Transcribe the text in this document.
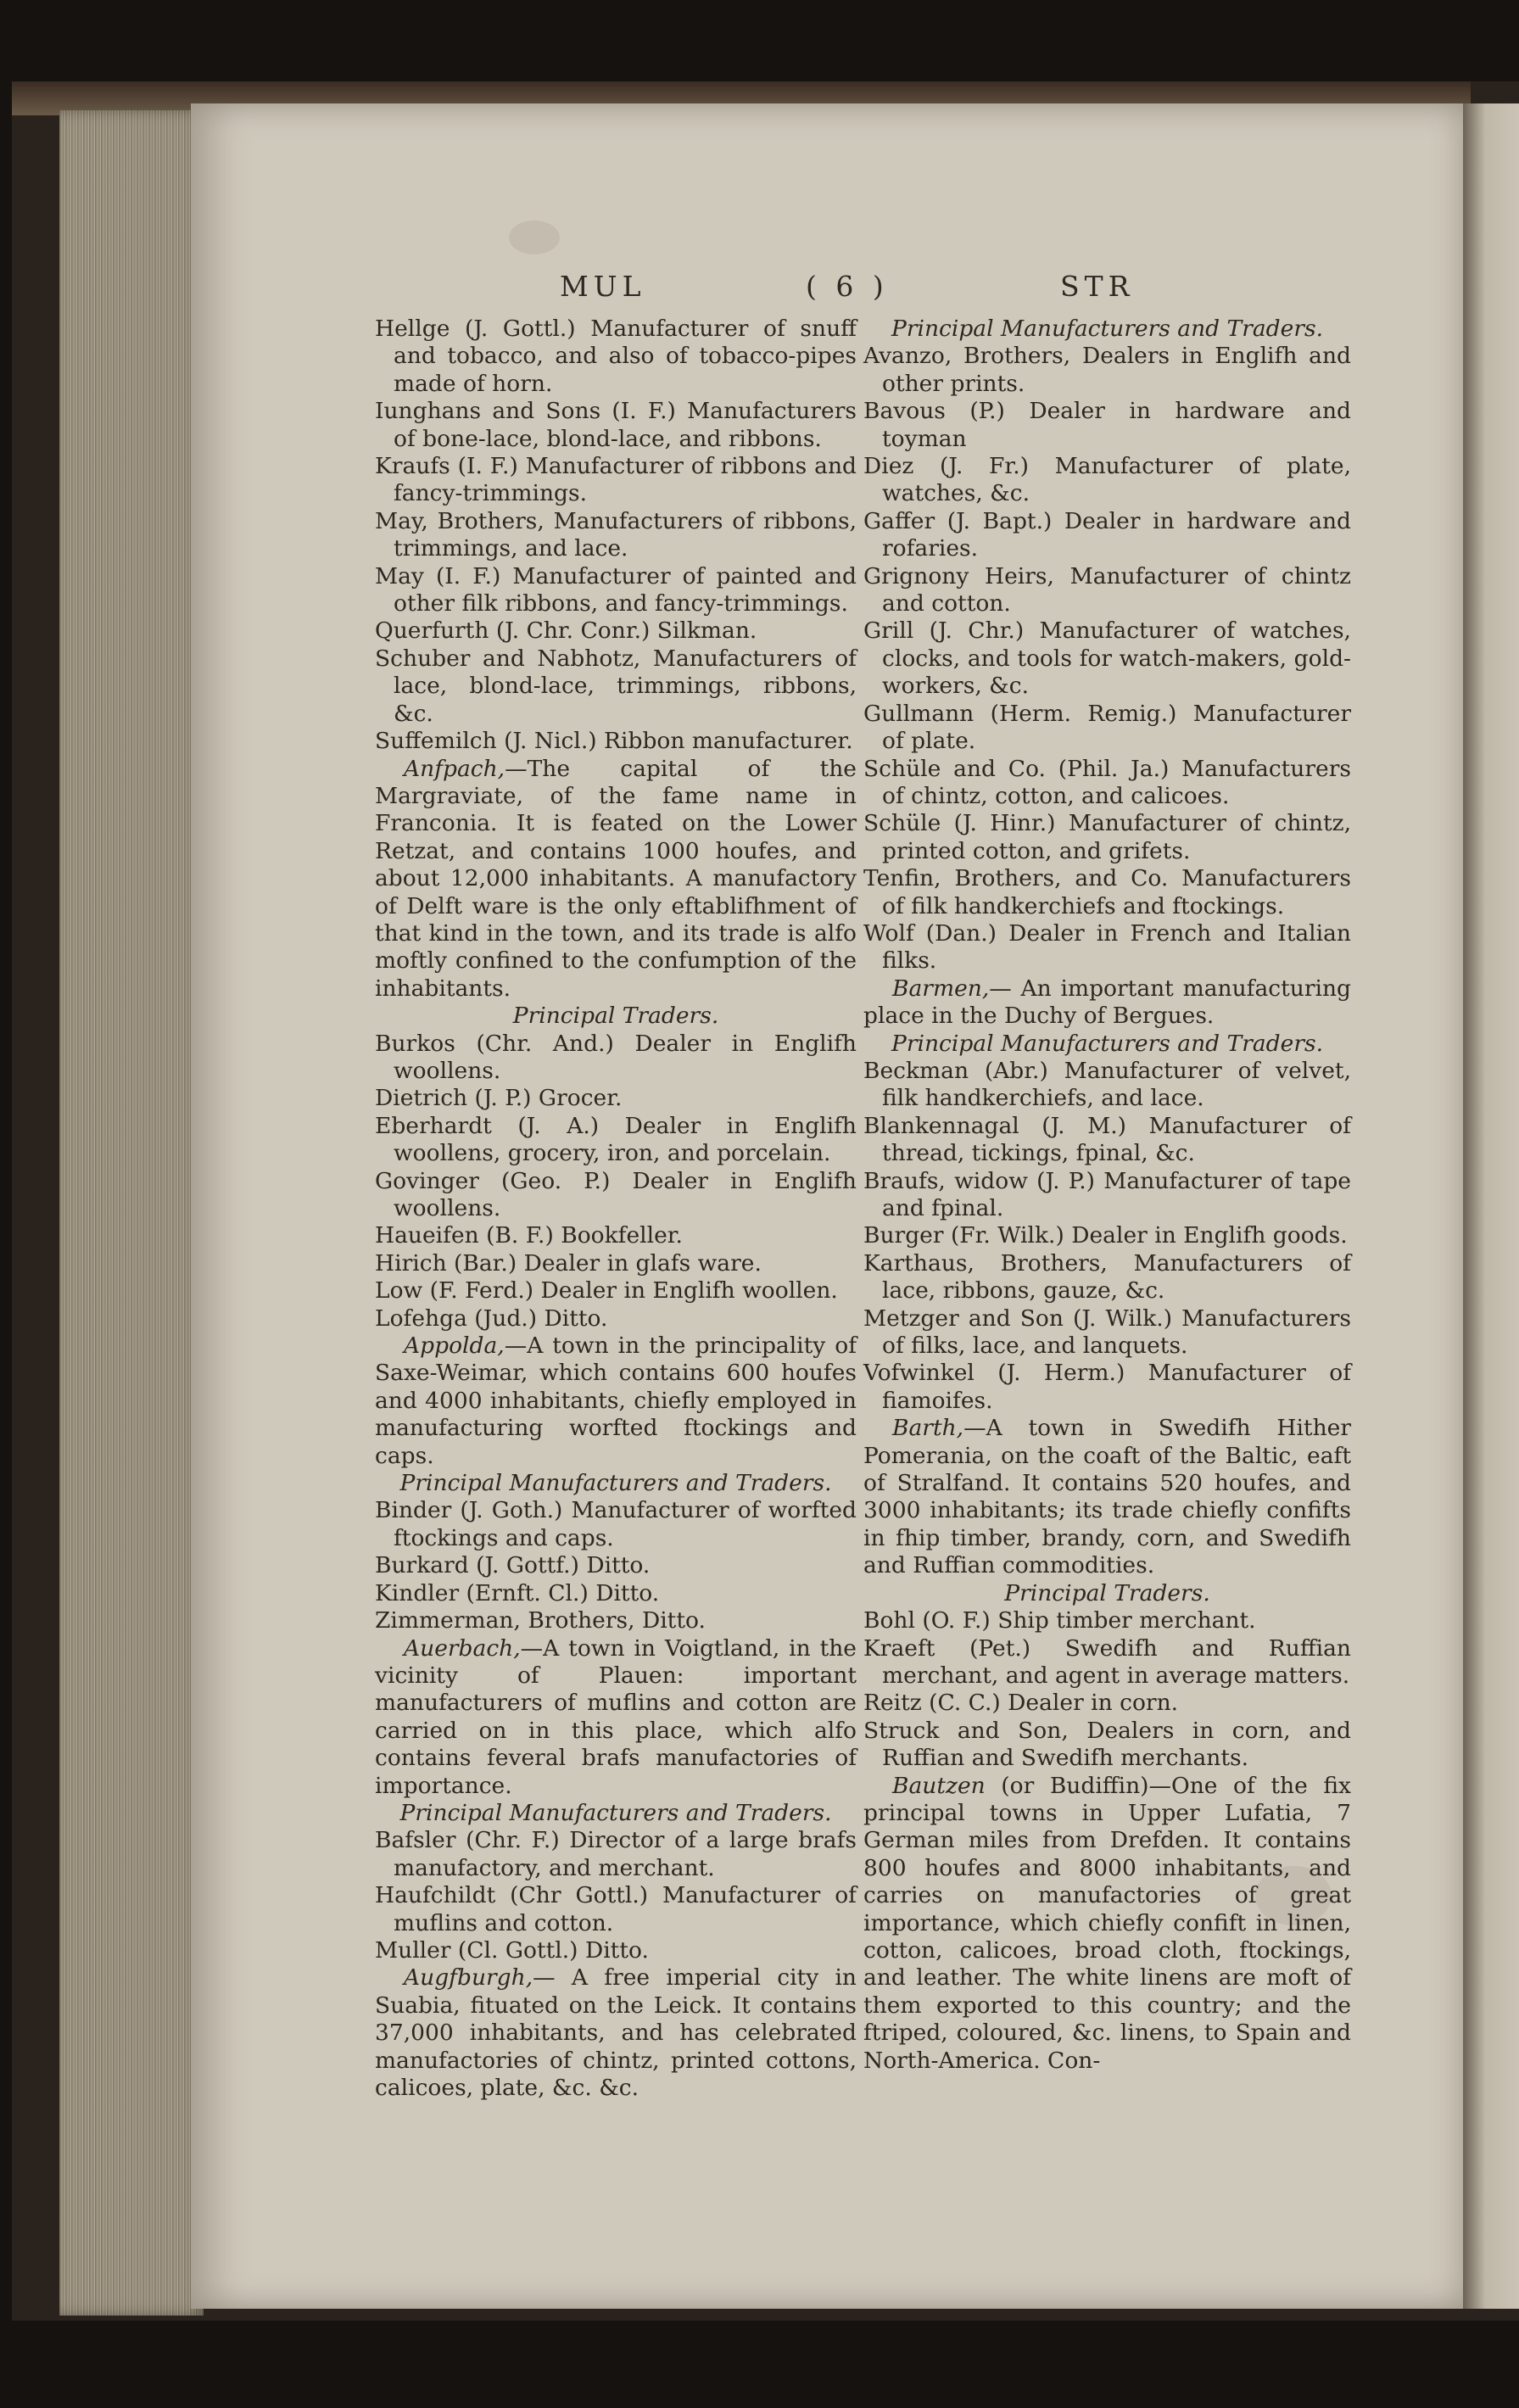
MUL	( 6 )	STR

Hellge (J. Gottl.) Manufacturer of snuff and tobacco, and also of tobacco-pipes made of horn.

Iunghans and Sons (I. F.) Manufacturers of bone-lace, blond-lace, and ribbons.

Kraufs (I. F.) Manufacturer of ribbons and fancy-trimmings.

May, Brothers, Manufacturers of ribbons, trimmings, and lace.

May (I. F.) Manufacturer of painted and other filk ribbons, and fancy-trimmings.

Querfurth (J. Chr. Conr.) Silkman.

Schuber and Nabhotz, Manufacturers of lace, blond-lace, trimmings, ribbons, &c.

Suffemilch (J. Nicl.) Ribbon manufacturer.

Anfpach,—The capital of the Margraviate, of the fame name in Franconia. It is feated on the Lower Retzat, and contains 1000 houfes, and about 12,000 inhabitants. A manufactory of Delft ware is the only eftablifhment of that kind in the town, and its trade is alfo moftly confined to the confumption of the inhabitants.

Principal Traders.

Burkos (Chr. And.) Dealer in Englifh woollens.

Dietrich (J. P.) Grocer.

Eberhardt (J. A.) Dealer in Englifh woollens, grocery, iron, and porcelain.

Govinger (Geo. P.) Dealer in Englifh woollens.

Haueifen (B. F.) Bookfeller.

Hirich (Bar.) Dealer in glafs ware.

Low (F. Ferd.) Dealer in Englifh woollen.

Lofehga (Jud.) Ditto.

Appolda,—A town in the principality of Saxe-Weimar, which contains 600 houfes and 4000 inhabitants, chiefly employed in manufacturing worfted ftockings and caps.

Principal Manufacturers and Traders.

Binder (J. Goth.) Manufacturer of worfted ftockings and caps.

Burkard (J. Gottf.) Ditto.

Kindler (Ernft. Cl.) Ditto.

Zimmerman, Brothers, Ditto.

Auerbach,—A town in Voigtland, in the vicinity of Plauen: important manufacturers of muflins and cotton are carried on in this place, which alfo contains feveral brafs manufactories of importance.

Principal Manufacturers and Traders.

Bafsler (Chr. F.) Director of a large brafs manufactory, and merchant.

Haufchildt (Chr Gottl.) Manufacturer of muflins and cotton.

Muller (Cl. Gottl.) Ditto.

Augfburgh,— A free imperial city in Suabia, fituated on the Leick. It contains 37,000 inhabitants, and has celebrated manufactories of chintz, printed cottons, calicoes, plate, &c. &c.

Principal Manufacturers and Traders.

Avanzo, Brothers, Dealers in Englifh and other prints.

Bavous (P.) Dealer in hardware and toyman

Diez (J. Fr.) Manufacturer of plate, watches, &c.

Gaffer (J. Bapt.) Dealer in hardware and rofaries.

Grignony Heirs, Manufacturer of chintz and cotton.

Grill (J. Chr.) Manufacturer of watches, clocks, and tools for watch-makers, gold-workers, &c.

Gullmann (Herm. Remig.) Manufacturer of plate.

Schüle and Co. (Phil. Ja.) Manufacturers of chintz, cotton, and calicoes.

Schüle (J. Hinr.) Manufacturer of chintz, printed cotton, and grifets.

Tenfin, Brothers, and Co. Manufacturers of filk handkerchiefs and ftockings.

Wolf (Dan.) Dealer in French and Italian filks.

Barmen,— An important manufacturing place in the Duchy of Bergues.

Principal Manufacturers and Traders.

Beckman (Abr.) Manufacturer of velvet, filk handkerchiefs, and lace.

Blankennagal (J. M.) Manufacturer of thread, tickings, fpinal, &c.

Braufs, widow (J. P.) Manufacturer of tape and fpinal.

Burger (Fr. Wilk.) Dealer in Englifh goods.

Karthaus, Brothers, Manufacturers of lace, ribbons, gauze, &c.

Metzger and Son (J. Wilk.) Manufacturers of filks, lace, and lanquets.

Vofwinkel (J. Herm.) Manufacturer of fiamoifes.

Barth,—A town in Swedifh Hither Pomerania, on the coaft of the Baltic, eaft of Stralfand. It contains 520 houfes, and 3000 inhabitants; its trade chiefly confifts in fhip timber, brandy, corn, and Swedifh and Ruffian commodities.

Principal Traders.

Bohl (O. F.) Ship timber merchant.

Kraeft (Pet.) Swedifh and Ruffian merchant, and agent in average matters.

Reitz (C. C.) Dealer in corn.

Struck and Son, Dealers in corn, and Ruffian and Swedifh merchants.

Bautzen (or Budiffin)—One of the fix principal towns in Upper Lufatia, 7 German miles from Drefden. It contains 800 houfes and 8000 inhabitants, and carries on manufactories of great importance, which chiefly confift in linen, cotton, calicoes, broad cloth, ftockings, and leather. The white linens are moft of them exported to this country; and the ftriped, coloured, &c. linens, to Spain and North-America. Con-
